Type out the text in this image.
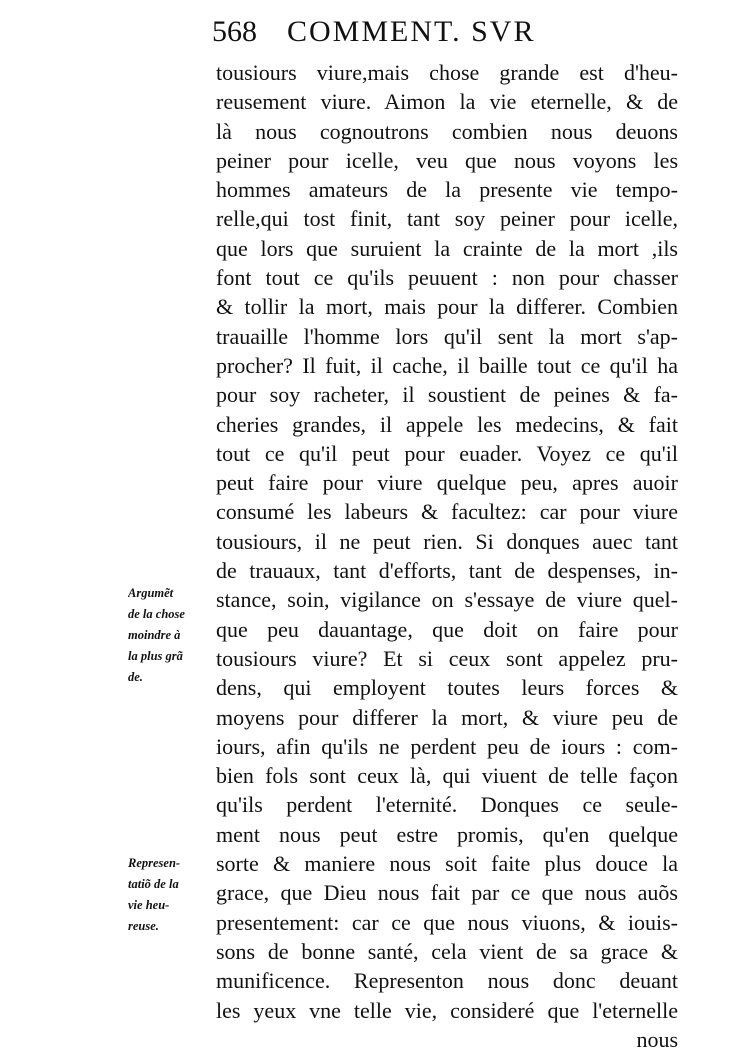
568 COMMENT. SVR
tousiours viure,mais chose grande est d'heu-
reusement viure. Aimon la vie eternelle, & de
là nous cognoutrons combien nous deuons
peiner pour icelle, veu que nous voyons les
hommes amateurs de la presente vie tempo-
relle,qui tost finit, tant soy peiner pour icelle,
que lors que suruient la crainte de la mort ,ils
font tout ce qu'ils peuuent : non pour chasser
& tollir la mort, mais pour la differer. Combien
trauaille l'homme lors qu'il sent la mort s'ap-
procher? Il fuit, il cache, il baille tout ce qu'il ha
pour soy racheter, il soustient de peines & fa-
cheries grandes, il appele les medecins, & fait
tout ce qu'il peut pour euader. Voyez ce qu'il
peut faire pour viure quelque peu, apres auoir
consumé les labeurs & facultez: car pour viure
tousiours, il ne peut rien. Si donques auec tant
de trauaux, tant d'efforts, tant de despenses, in-
stance, soin, vigilance on s'essaye de viure quel-
que peu dauantage, que doit on faire pour
tousiours viure? Et si ceux sont appelez pru-
dens, qui employent toutes leurs forces &
moyens pour differer la mort, & viure peu de
iours, afin qu'ils ne perdent peu de iours : com-
bien fols sont ceux là, qui viuent de telle façon
qu'ils perdent l'eternité. Donques ce seule-
ment nous peut estre promis, qu'en quelque
sorte & maniere nous soit faite plus douce la
grace, que Dieu nous fait par ce que nous auõs
presentement: car ce que nous viuons, & iouis-
sons de bonne santé, cela vient de sa grace &
munificence. Representon nous donc deuant
les yeux vne telle vie, consideré que l'eternelle
nous
Argumẽt
de la chose
moindre à
la plus grã
de.
Represen-
tatiõ de la
vie heu-
reuse.
